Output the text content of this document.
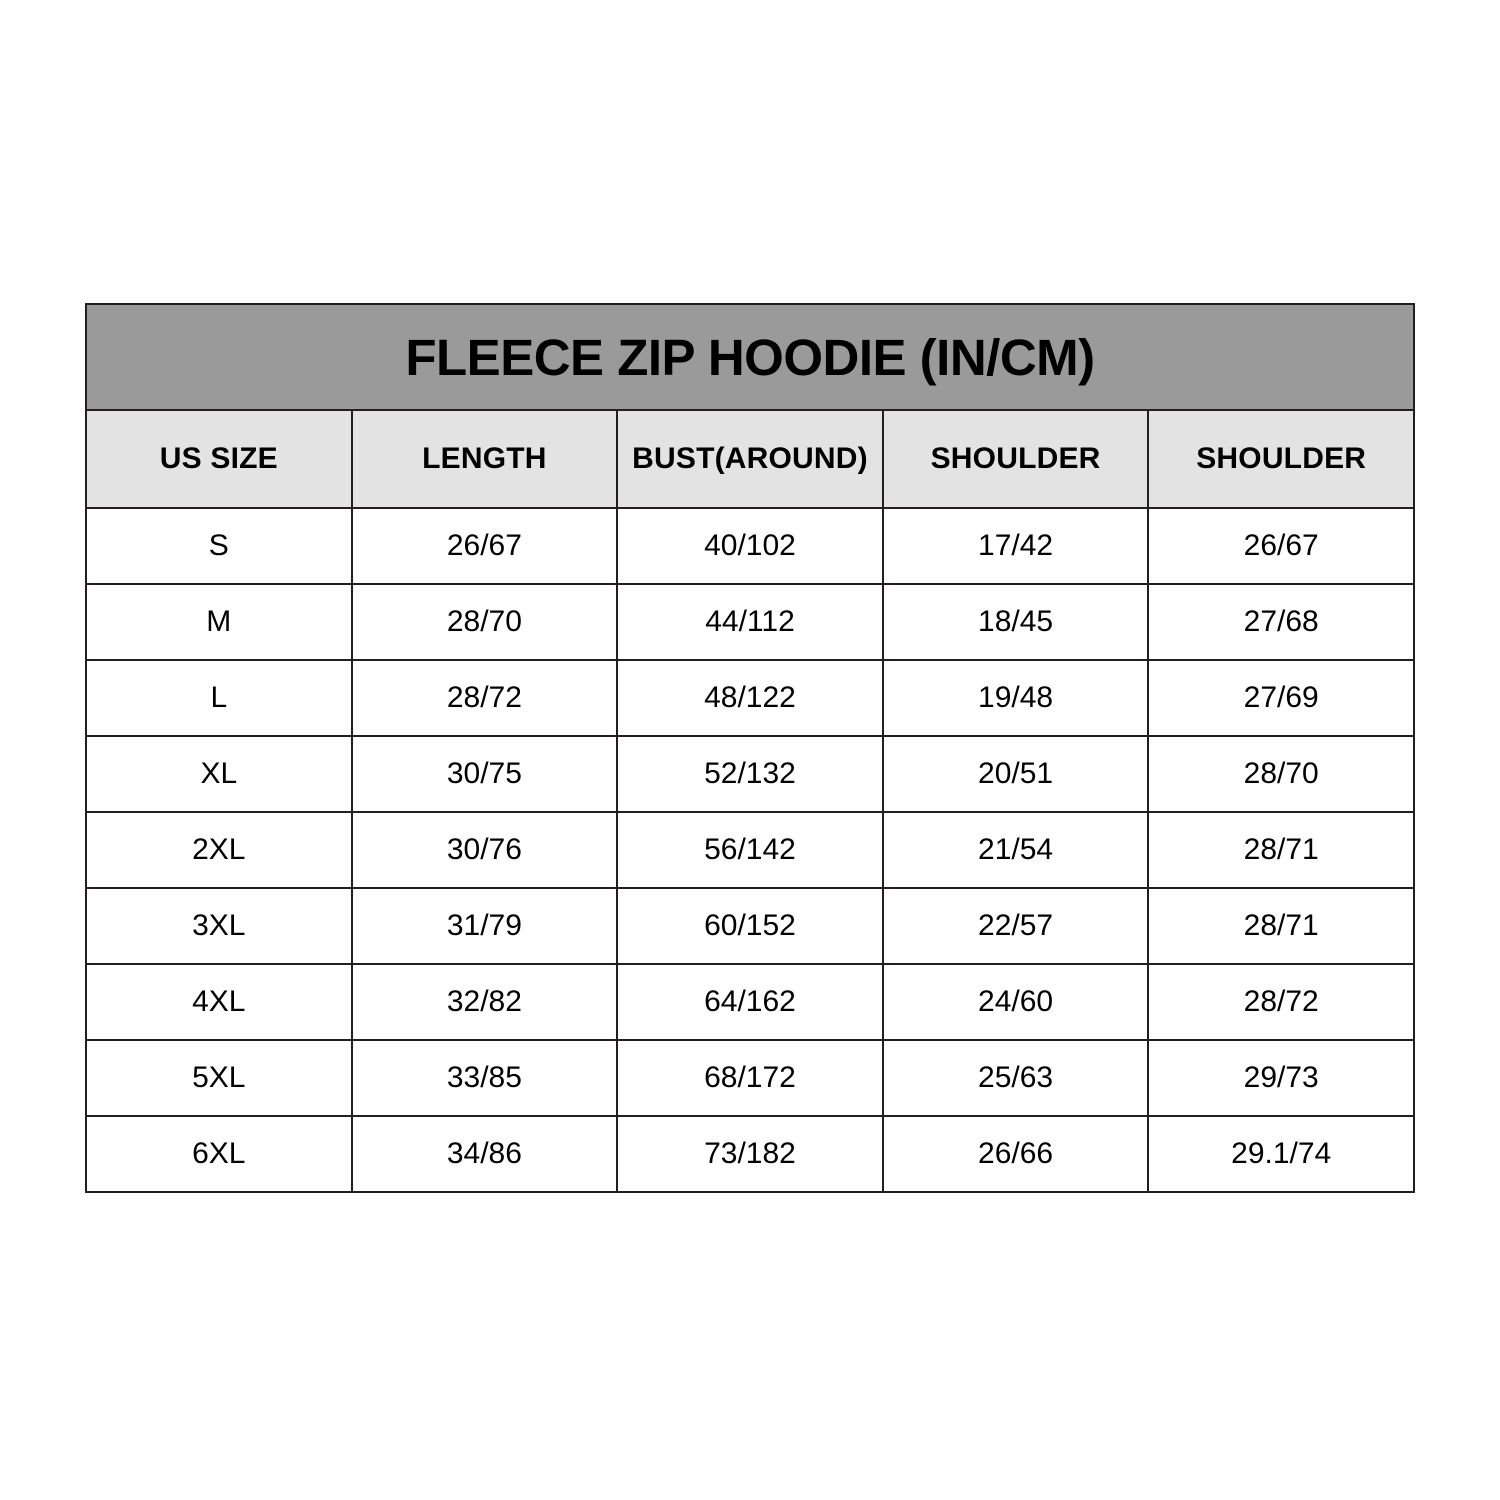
FLEECE ZIP HOODIE (IN/CM)				
US SIZE	LENGTH	BUST(AROUND)	SHOULDER	SHOULDER
S	26/67	40/102	17/42	26/67
M	28/70	44/112	18/45	27/68
L	28/72	48/122	19/48	27/69
XL	30/75	52/132	20/51	28/70
2XL	30/76	56/142	21/54	28/71
3XL	31/79	60/152	22/57	28/71
4XL	32/82	64/162	24/60	28/72
5XL	33/85	68/172	25/63	29/73
6XL	34/86	73/182	26/66	29.1/74
